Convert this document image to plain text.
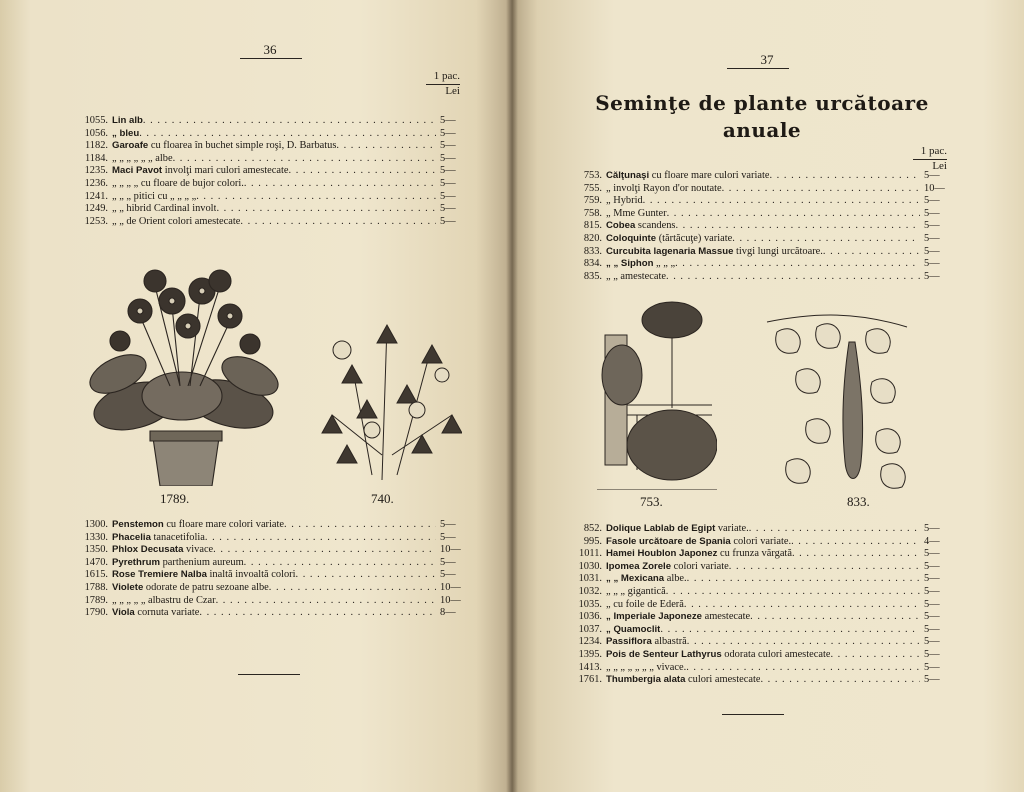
36
1 pac.
Lei
1055. Lin alb . . .	5—
1056. „ bleu . . .	5—
1182. Garoafe cu floarea în buchet simple roşi, D. Barbatus . . .	5—
1184. „ „ „ „ „ „ albe . . .	5—
1235. Maci Pavot involţi mari culori amestecate . . .	5—
1236. „ „ „ „ cu floare de bujor colori. . . .	5—
1241. „ „ „ pitici cu „ „ „ „ . . .	5—
1249. „ „ hibrid Cardinal involt . . .	5—
1253. „ „ de Orient colori amestecate . . .	5—
1789.	740.
1300. Penstemon cu floare mare colori variate . . .	5—
1330. Phacelia tanacetifolia . . .	5—
1350. Phlox Decusata vivace . . .	10—
1470. Pyrethrum parthenium aureum . . .	5—
1615. Rose Tremiere Nalba inaltă invoaltă colori . . .	5—
1788. Violete odorate de patru sezoane albe . . .	10—
1789. „ „ „ „ „ albastru de Czar . . .	10—
1790. Viola cornuta variate . . .	8—
37
Seminţe de plante urcătoare
anuale
1 pac.
Lei
753. Călţunaşi cu floare mare culori variate . . .	5—
755. „ involţi Rayon d'or noutate . . .	10—
759. „ Hybrid . . .	5—
758. „ Mme Gunter . . .	5—
815. Cobea scandens . . .	5—
820. Coloquinte (tărtăcuţe) variate . . .	5—
833. Curcubita lagenaria Massue tivgi lungi urcătoare. . . .	5—
834. „ „ Siphon „ „ „ . . .	5—
835. „ „ amestecate . . .	5—
753.	833.
852. Dolique Lablab de Egipt variate. . . .	5—
995. Fasole urcătoare de Spania colori variate. . . .	4—
1011. Hamei Houblon Japonez cu frunza vărgată . . .	5—
1030. Ipomea Zorele colori variate . . .	5—
1031. „ „ Mexicana albe. . . .	5—
1032. „ „ „ gigantică . . .	5—
1035. „ cu foile de Ederă . . .	5—
1036. „ Imperiale Japoneze amestecate . . .	5—
1037. „ Quamoclit . . .	5—
1234. Passiflora albastră . . .	5—
1395. Pois de Senteur Lathyrus odorata culori amestecate . . .	5—
1413. „ „ „ „ „ „ „ vivace. . . .	5—
1761. Thumbergia alata culori amestecate . . .	5—
